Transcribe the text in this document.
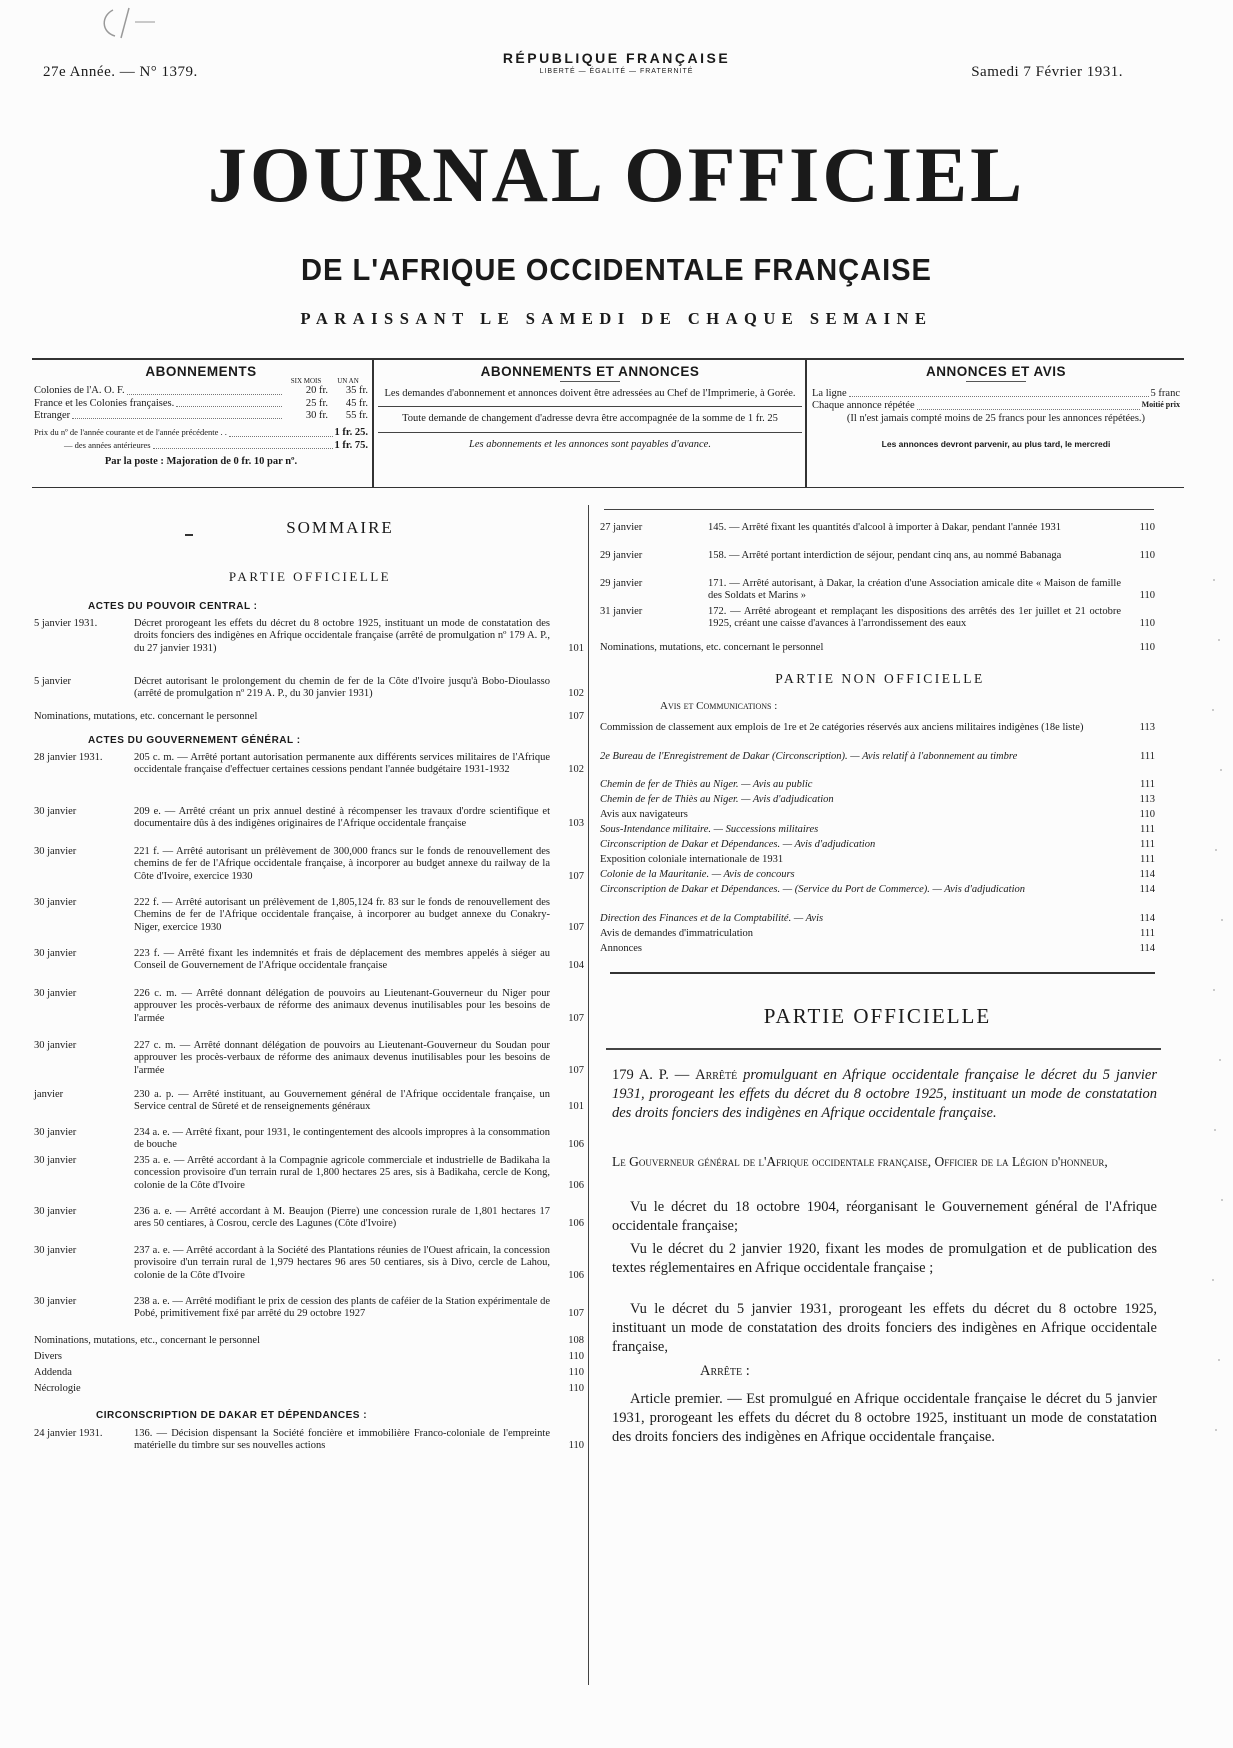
27e Année. — N° 1379.
RÉPUBLIQUE FRANÇAISE
LIBERTÉ — ÉGALITÉ — FRATERNITÉ	Samedi 7 Février 1931.
JOURNAL OFFICIEL
DE L'AFRIQUE OCCIDENTALE FRANÇAISE
PARAISSANT LE SAMEDI DE CHAQUE SEMAINE
ABONNEMENTS
SIX MOIS	UN AN
Colonies de l'A. O. F.	20 fr.	35 fr.
France et les Colonies françaises.	25 fr.	45 fr.
Etranger	30 fr.	55 fr.
Prix du nº de l'année courante et de l'année précédente . .	1 fr. 25.
— des années antérieures	1 fr. 75.
Par la poste : Majoration de 0 fr. 10 par nº.
ABONNEMENTS ET ANNONCES
Les demandes d'abonnement et annonces doivent être adressées au Chef de l'Imprimerie, à Gorée.
Toute demande de changement d'adresse devra être accompagnée de la somme de 1 fr. 25
Les abonnements et les annonces sont payables d'avance.
ANNONCES ET AVIS
La ligne	5 franc
Chaque annonce répétée	Moitié prix
(Il n'est jamais compté moins de 25 francs pour les annonces répétées.)
Les annonces devront parvenir, au plus tard, le mercredi
SOMMAIRE
PARTIE OFFICIELLE
ACTES DU POUVOIR CENTRAL :
5 janvier 1931.	Décret prorogeant les effets du décret du 8 octobre 1925, instituant un mode de constatation des droits fonciers des indigènes en Afrique occidentale française (arrêté de promulgation nº 179 A. P., du 27 janvier 1931)	101
5 janvier	Décret autorisant le prolongement du chemin de fer de la Côte d'Ivoire jusqu'à Bobo-Dioulasso (arrêté de promulgation nº 219 A. P., du 30 janvier 1931)	102
Nominations, mutations, etc. concernant le personnel	107
ACTES DU GOUVERNEMENT GÉNÉRAL :
28 janvier 1931.	205 c. m. — Arrêté portant autorisation permanente aux différents services militaires de l'Afrique occidentale française d'effectuer certaines cessions pendant l'année budgétaire 1931-1932	102
30 janvier	209 e. — Arrêté créant un prix annuel destiné à récompenser les travaux d'ordre scientifique et documentaire dûs à des indigènes originaires de l'Afrique occidentale française	103
30 janvier	221 f. — Arrêté autorisant un prélèvement de 300,000 francs sur le fonds de renouvellement des chemins de fer de l'Afrique occidentale française, à incorporer au budget annexe du railway de la Côte d'Ivoire, exercice 1930	107
30 janvier	222 f. — Arrêté autorisant un prélèvement de 1,805,124 fr. 83 sur le fonds de renouvellement des Chemins de fer de l'Afrique occidentale française, à incorporer au budget annexe du Conakry-Niger, exercice 1930	107
30 janvier	223 f. — Arrêté fixant les indemnités et frais de déplacement des membres appelés à siéger au Conseil de Gouvernement de l'Afrique occidentale française	104
30 janvier	226 c. m. — Arrêté donnant délégation de pouvoirs au Lieutenant-Gouverneur du Niger pour approuver les procès-verbaux de réforme des animaux devenus inutilisables pour les besoins de l'armée	107
30 janvier	227 c. m. — Arrêté donnant délégation de pouvoirs au Lieutenant-Gouverneur du Soudan pour approuver les procès-verbaux de réforme des animaux devenus inutilisables pour les besoins de l'armée	107
janvier	230 a. p. — Arrêté instituant, au Gouvernement général de l'Afrique occidentale française, un Service central de Sûreté et de renseignements généraux	101
30 janvier	234 a. e. — Arrêté fixant, pour 1931, le contingentement des alcools impropres à la consommation de bouche	106
30 janvier	235 a. e. — Arrêté accordant à la Compagnie agricole commerciale et industrielle de Badikaha la concession provisoire d'un terrain rural de 1,800 hectares 25 ares, sis à Badikaha, cercle de Kong, colonie de la Côte d'Ivoire	106
30 janvier	236 a. e. — Arrêté accordant à M. Beaujon (Pierre) une concession rurale de 1,801 hectares 17 ares 50 centiares, à Cosrou, cercle des Lagunes (Côte d'Ivoire)	106
30 janvier	237 a. e. — Arrêté accordant à la Société des Plantations réunies de l'Ouest africain, la concession provisoire d'un terrain rural de 1,979 hectares 96 ares 50 centiares, sis à Divo, cercle de Lahou, colonie de la Côte d'Ivoire	106
30 janvier	238 a. e. — Arrêté modifiant le prix de cession des plants de caféier de la Station expérimentale de Pobé, primitivement fixé par arrêté du 29 octobre 1927	107
Nominations, mutations, etc., concernant le personnel	108
Divers	110
Addenda	110
Nécrologie	110
CIRCONSCRIPTION DE DAKAR ET DÉPENDANCES :
24 janvier 1931.	136. — Décision dispensant la Société foncière et immobilière Franco-coloniale de l'empreinte matérielle du timbre sur ses nouvelles actions	110
27 janvier	145. — Arrêté fixant les quantités d'alcool à importer à Dakar, pendant l'année 1931	110
29 janvier	158. — Arrêté portant interdiction de séjour, pendant cinq ans, au nommé Babanaga	110
29 janvier	171. — Arrêté autorisant, à Dakar, la création d'une Association amicale dite « Maison de famille des Soldats et Marins »	110
31 janvier	172. — Arrêté abrogeant et remplaçant les dispositions des arrêtés des 1er juillet et 21 octobre 1925, créant une caisse d'avances à l'arrondissement des eaux	110
Nominations, mutations, etc. concernant le personnel	110
PARTIE NON OFFICIELLE
Avis et Communications :
Commission de classement aux emplois de 1re et 2e catégories réservés aux anciens militaires indigènes (18e liste)	113
2e Bureau de l'Enregistrement de Dakar (Circonscription). — Avis relatif à l'abonnement au timbre	111
Chemin de fer de Thiès au Niger. — Avis au public	111
Chemin de fer de Thiès au Niger. — Avis d'adjudication	113
Avis aux navigateurs	110
Sous-Intendance militaire. — Successions militaires	111
Circonscription de Dakar et Dépendances. — Avis d'adjudication	111
Exposition coloniale internationale de 1931	111
Colonie de la Mauritanie. — Avis de concours	114
Circonscription de Dakar et Dépendances. — (Service du Port de Commerce). — Avis d'adjudication	114
Direction des Finances et de la Comptabilité. — Avis	114
Avis de demandes d'immatriculation	111
Annonces	114
PARTIE OFFICIELLE
179 A. P. — Arrêté promulguant en Afrique occidentale française le décret du 5 janvier 1931, prorogeant les effets du décret du 8 octobre 1925, instituant un mode de constatation des droits fonciers des indigènes en Afrique occidentale française.
Le Gouverneur général de l'Afrique occidentale française, Officier de la Légion d'honneur,
Vu le décret du 18 octobre 1904, réorganisant le Gouvernement général de l'Afrique occidentale française;
Vu le décret du 2 janvier 1920, fixant les modes de promulgation et de publication des textes réglementaires en Afrique occidentale française ;
Vu le décret du 5 janvier 1931, prorogeant les effets du décret du 8 octobre 1925, instituant un mode de constatation des droits fonciers des indigènes en Afrique occidentale française,
Arrête :
Article premier. — Est promulgué en Afrique occidentale française le décret du 5 janvier 1931, prorogeant les effets du décret du 8 octobre 1925, instituant un mode de constatation des droits fonciers des indigènes en Afrique occidentale française.
